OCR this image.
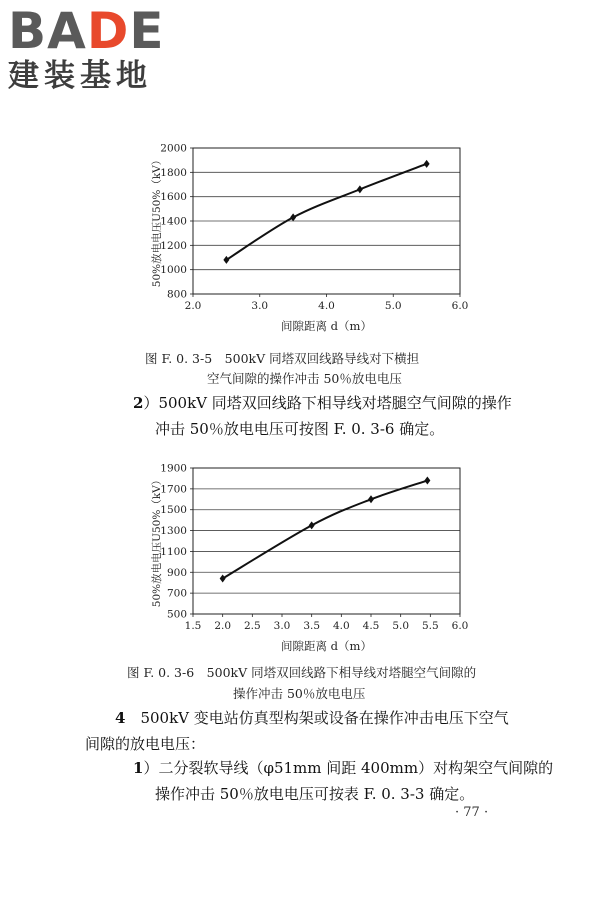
BADE
建装基地
800
1000
1200
1400
1600
1800
2000
2.0	3.0	4.0	5.0	6.0
间隙距离 d（m）
50%放电电压U50%（kV）
图 F. 0. 3-5　500kV 同塔双回线路导线对下横担
空气间隙的操作冲击 50％放电电压
2）500kV 同塔双回线路下相导线对塔腿空气间隙的操作
冲击 50％放电电压可按图 F. 0. 3-6 确定。
500
700
900
1100
1300
1500
1700
1900
1.5 2.0 2.5 3.0 3.5 4.0 4.5 5.0 5.5 6.0
间隙距离 d（m）
50%放电电压U50%（kV）
图 F. 0. 3-6　500kV 同塔双回线路下相导线对塔腿空气间隙的
操作冲击 50％放电电压
4　500kV 变电站仿真型构架或设备在操作冲击电压下空气
间隙的放电电压：
1）二分裂软导线（φ51mm 间距 400mm）对构架空气间隙的
操作冲击 50％放电电压可按表 F. 0. 3-3 确定。
· 77 ·
